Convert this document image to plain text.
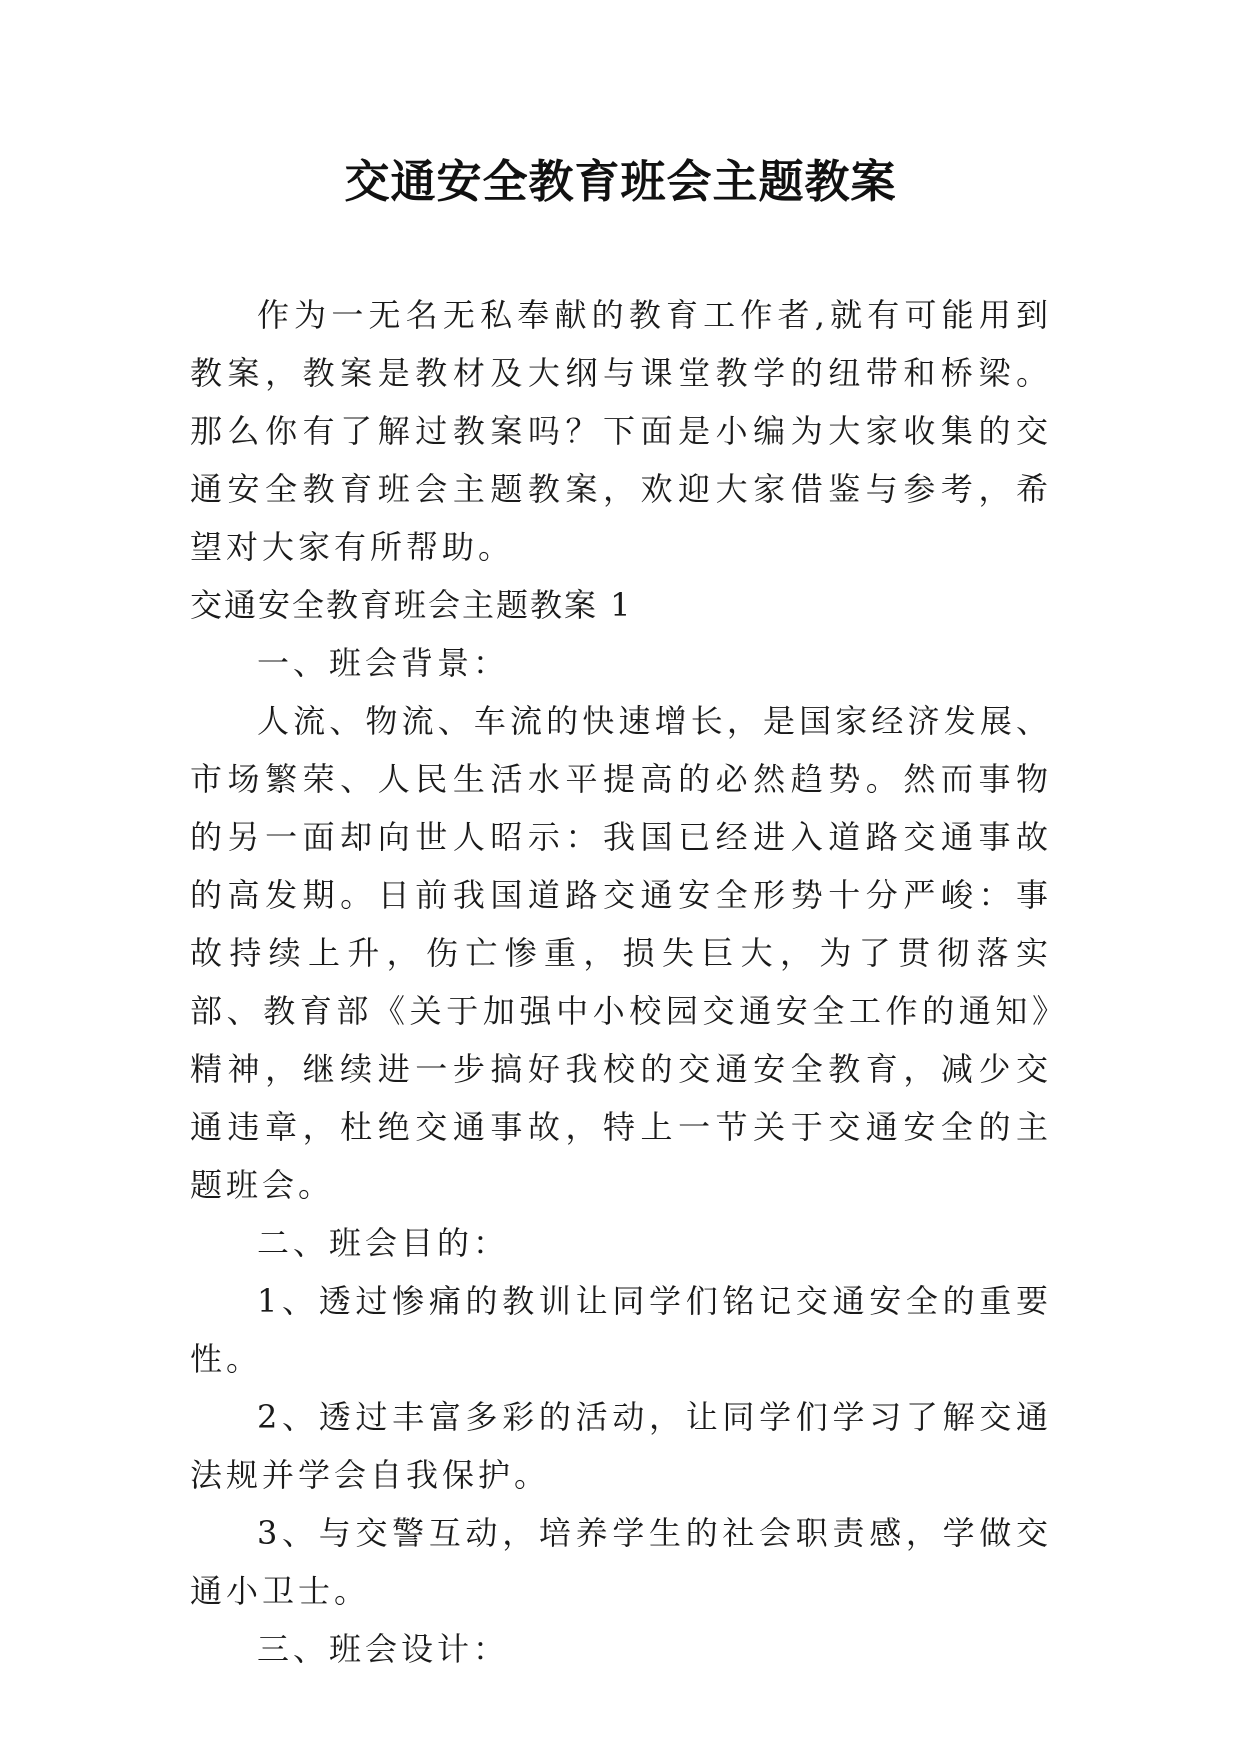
交通安全教育班会主题教案

作为一无名无私奉献的教育工作者,就有可能用到教案，教案是教材及大纲与课堂教学的纽带和桥梁。那么你有了解过教案吗？下面是小编为大家收集的交通安全教育班会主题教案，欢迎大家借鉴与参考，希望对大家有所帮助。

交通安全教育班会主题教案 1

一、班会背景：

人流、物流、车流的快速增长，是国家经济发展、市场繁荣、人民生活水平提高的必然趋势。然而事物的另一面却向世人昭示：我国已经进入道路交通事故的高发期。日前我国道路交通安全形势十分严峻：事故持续上升，伤亡惨重，损失巨大，为了贯彻落实部、教育部《关于加强中小校园交通安全工作的通知》精神，继续进一步搞好我校的交通安全教育，减少交通违章，杜绝交通事故，特上一节关于交通安全的主题班会。

二、班会目的：

1、透过惨痛的教训让同学们铭记交通安全的重要性。

2、透过丰富多彩的活动，让同学们学习了解交通法规并学会自我保护。

3、与交警互动，培养学生的社会职责感，学做交通小卫士。

三、班会设计：
